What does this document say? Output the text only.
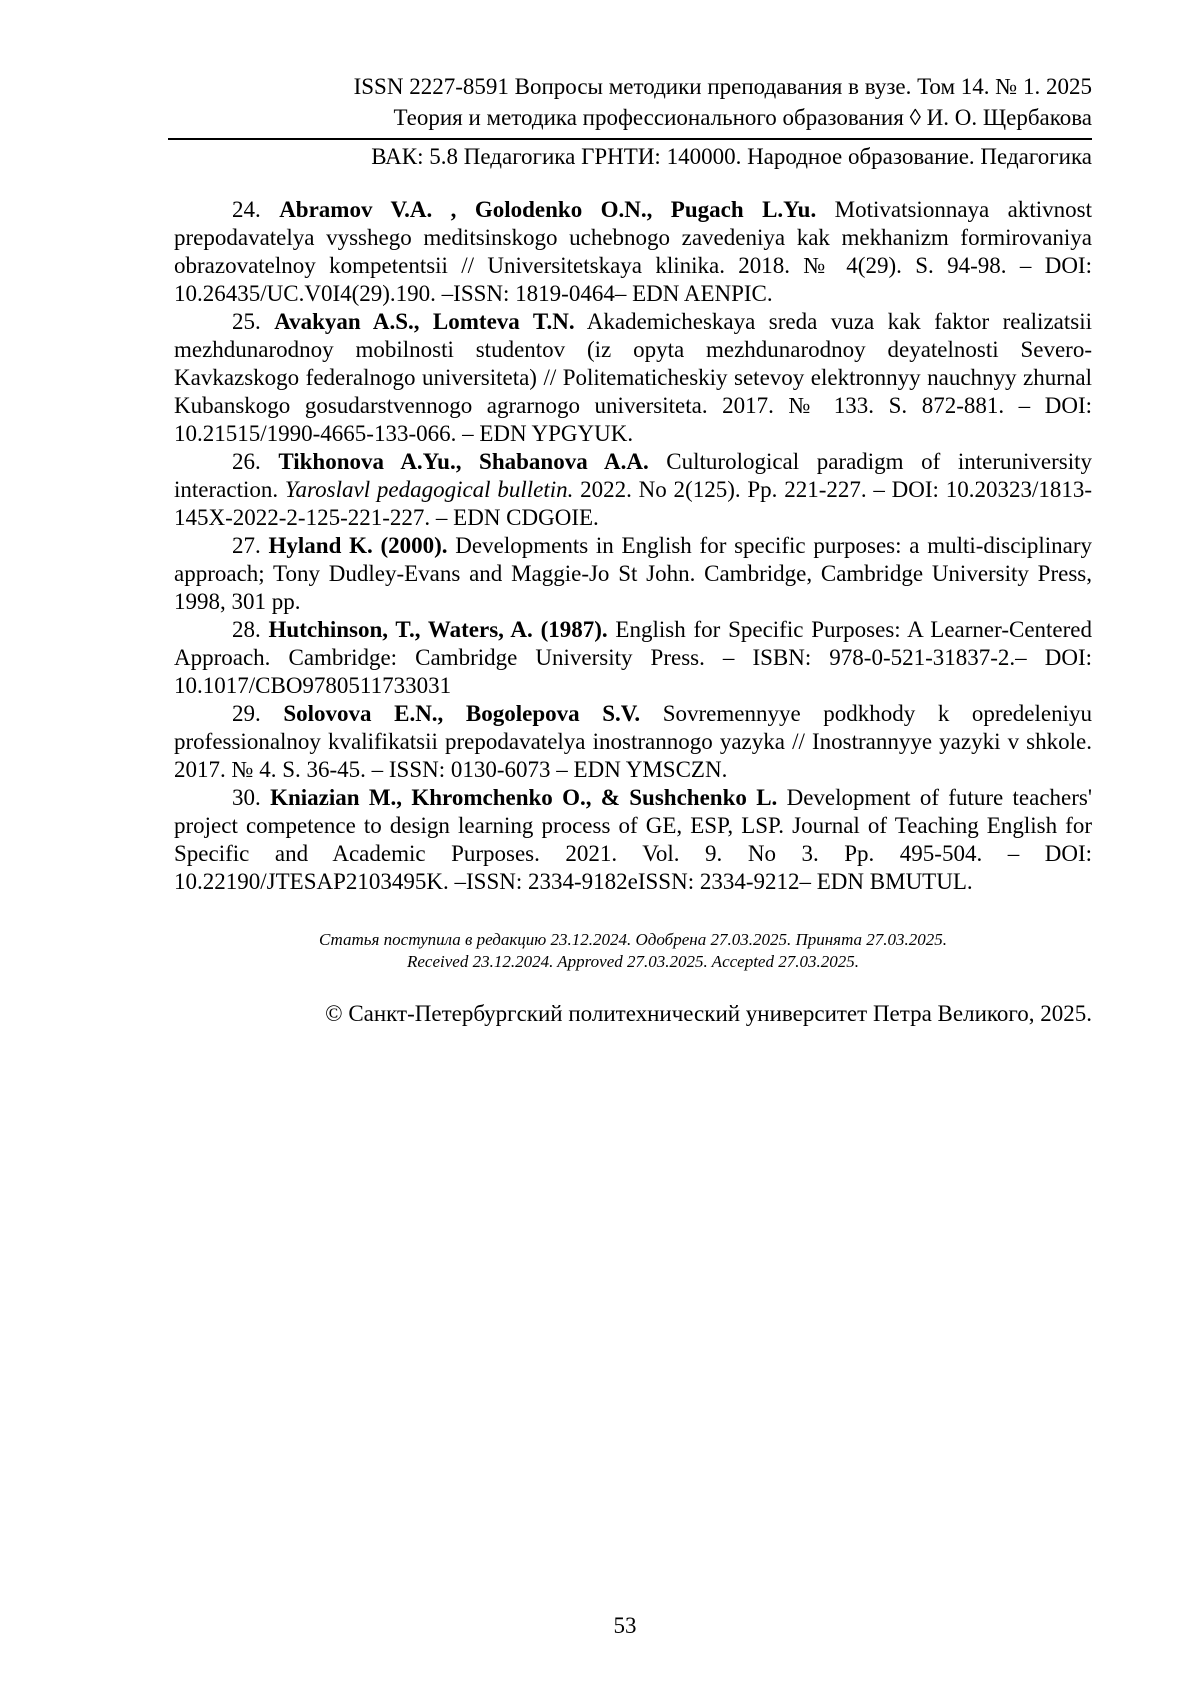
ISSN 2227-8591 Вопросы методики преподавания в вузе. Том 14. № 1. 2025
Теория и методика профессионального образования ◊ И. О. Щербакова
ВАК: 5.8 Педагогика ГРНТИ: 140000. Народное образование. Педагогика

24. Abramov V.A. , Golodenko O.N., Pugach L.Yu. Motivatsionnaya aktivnost prepodavatelya vysshego meditsinskogo uchebnogo zavedeniya kak mekhanizm formirovaniya obrazovatelnoy kompetentsii // Universitetskaya klinika. 2018. № 4(29). S. 94-98. – DOI: 10.26435/UC.V0I4(29).190. –ISSN: 1819-0464– EDN AENPIC.

25. Avakyan A.S., Lomteva T.N. Akademicheskaya sreda vuza kak faktor realizatsii mezhdunarodnoy mobilnosti studentov (iz opyta mezhdunarodnoy deyatelnosti Severo-Kavkazskogo federalnogo universiteta) // Politematicheskiy setevoy elektronnyy nauchnyy zhurnal Kubanskogo gosudarstvennogo agrarnogo universiteta. 2017. № 133. S. 872-881. – DOI: 10.21515/1990-4665-133-066. – EDN YPGYUK.

26. Tikhonova A.Yu., Shabanova A.A. Culturological paradigm of interuniversity interaction. Yaroslavl pedagogical bulletin. 2022. No 2(125). Pp. 221-227. – DOI: 10.20323/1813-145X-2022-2-125-221-227. – EDN CDGOIE.

27. Hyland K. (2000). Developments in English for specific purposes: a multi-disciplinary approach; Tony Dudley-Evans and Maggie-Jo St John. Cambridge, Cambridge University Press, 1998, 301 pp.

28. Hutchinson, T., Waters, A. (1987). English for Specific Purposes: A Learner-Centered Approach. Cambridge: Cambridge University Press. – ISBN: 978-0-521-31837-2.– DOI: 10.1017/CBO9780511733031

29. Solovova E.N., Bogolepova S.V. Sovremennyye podkhody k opredeleniyu professionalnoy kvalifikatsii prepodavatelya inostrannogo yazyka // Inostrannyye yazyki v shkole. 2017. № 4. S. 36-45. – ISSN: 0130-6073 – EDN YMSCZN.

30. Kniazian M., Khromchenko O., & Sushchenko L. Development of future teachers' project competence to design learning process of GE, ESP, LSP. Journal of Teaching English for Specific and Academic Purposes. 2021. Vol. 9. No 3. Pp. 495-504. – DOI: 10.22190/JTESAP2103495K. –ISSN: 2334-9182eISSN: 2334-9212– EDN BMUTUL.

Статья поступила в редакцию 23.12.2024. Одобрена 27.03.2025. Принята 27.03.2025.
Received 23.12.2024. Approved 27.03.2025. Accepted 27.03.2025.
© Санкт-Петербургский политехнический университет Петра Великого, 2025.
53
